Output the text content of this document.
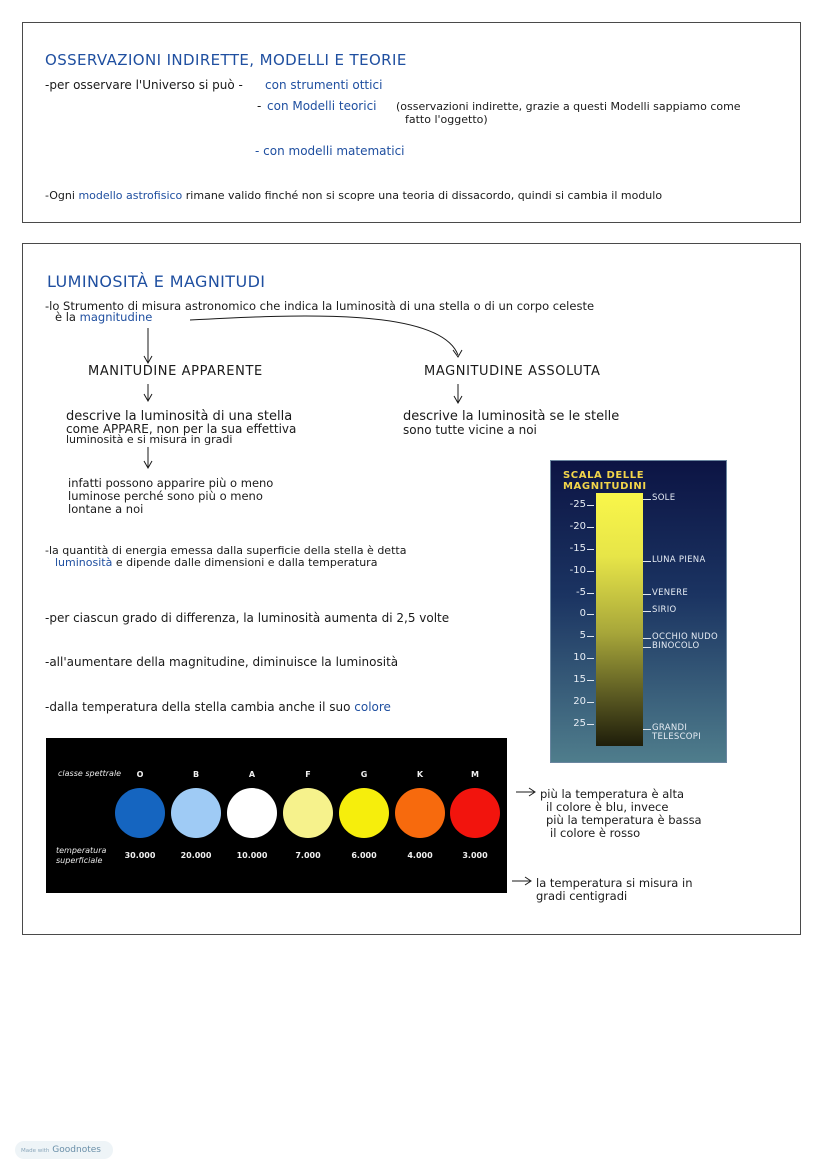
OSSERVAZIONI INDIRETTE, MODELLI E TEORIE
-per osservare l'Universo si può - con strumenti ottici
- con Modelli teorici (osservazioni indirette, grazie a questi Modelli sappiamo come
fatto l'oggetto)
- con modelli matematici
-Ogni modello astrofisico rimane valido finché non si scopre una teoria di dissacordo, quindi si cambia il modulo
LUMINOSITÀ E MAGNITUDI
-lo Strumento di misura astronomico che indica la luminosità di una stella o di un corpo celeste
è la magnitudine
MANITUDINE APPARENTE	MAGNITUDINE ASSOLUTA
descrive la luminosità di una stella
come APPARE, non per la sua effettiva
luminosità e si misura in gradi
descrive la luminosità se le stelle
sono tutte vicine a noi
infatti possono apparire più o meno
luminose perché sono più o meno
lontane a noi
-la quantità di energia emessa dalla superficie della stella è detta
luminosità e dipende dalle dimensioni e dalla temperatura
-per ciascun grado di differenza, la luminosità aumenta di 2,5 volte
-all'aumentare della magnitudine, diminuisce la luminosità
-dalla temperatura della stella cambia anche il suo colore
SCALA DELLE MAGNITUDINI
-25
-20
-15
-10
-5
0
5
10
15
20
25
SOLE
LUNA PIENA
VENERE
SIRIO
OCCHIO NUDO
BINOCOLO
GRANDI
TELESCOPI
classe spettrale
temperatura
superficiale
O
30.000
B
20.000
A
10.000
F
7.000
G
6.000
K
4.000
M
3.000
più la temperatura è alta
il colore è blu, invece
più la temperatura è bassa
il colore è rosso
la temperatura si misura in
gradi centigradi
Made with Goodnotes
